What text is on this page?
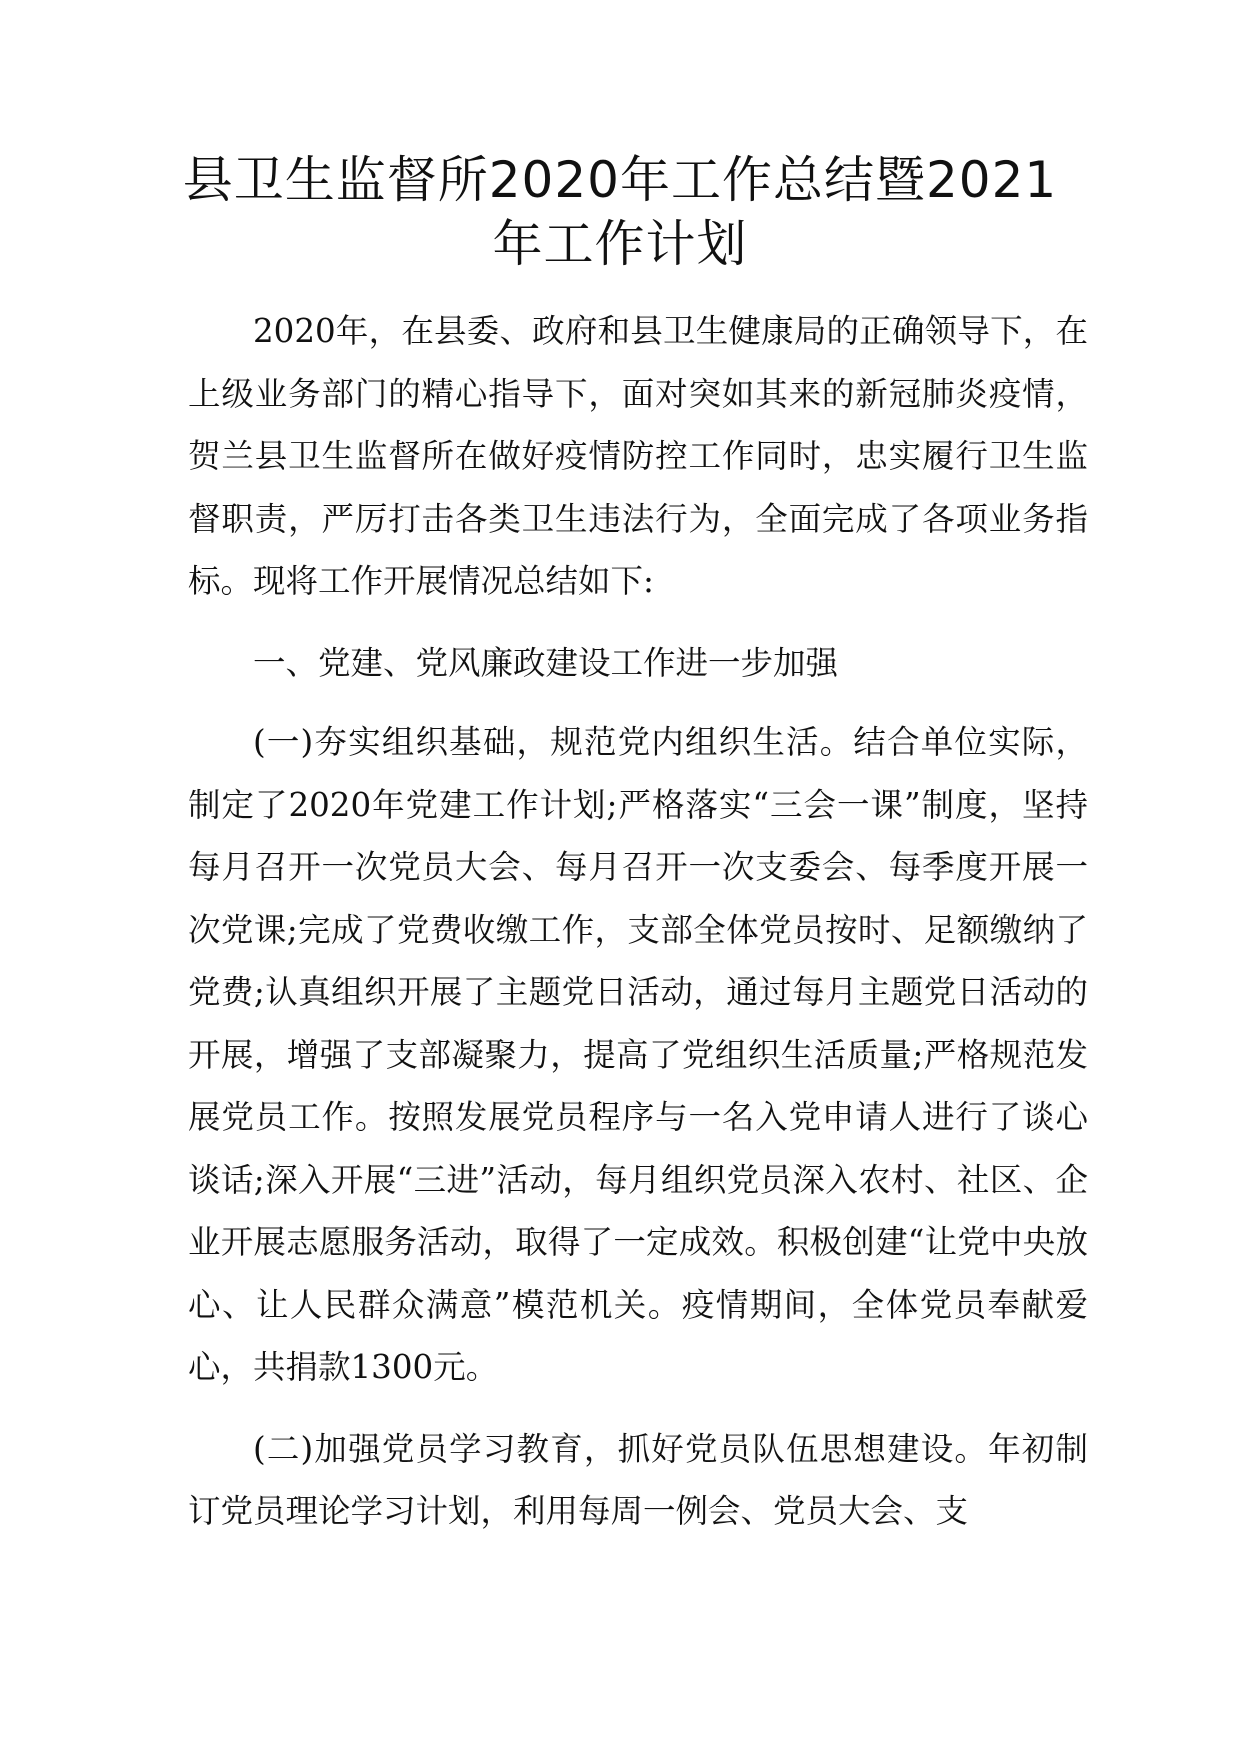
县卫生监督所2020年工作总结暨2021
年工作计划

2020年，在县委、政府和县卫生健康局的正确领导下，在上级业务部门的精心指导下，面对突如其来的新冠肺炎疫情，贺兰县卫生监督所在做好疫情防控工作同时，忠实履行卫生监督职责，严厉打击各类卫生违法行为，全面完成了各项业务指标。现将工作开展情况总结如下:

一、党建、党风廉政建设工作进一步加强

(一)夯实组织基础，规范党内组织生活。结合单位实际，制定了2020年党建工作计划;严格落实“三会一课”制度，坚持每月召开一次党员大会、每月召开一次支委会、每季度开展一次党课;完成了党费收缴工作，支部全体党员按时、足额缴纳了党费;认真组织开展了主题党日活动，通过每月主题党日活动的开展，增强了支部凝聚力，提高了党组织生活质量;严格规范发展党员工作。按照发展党员程序与一名入党申请人进行了谈心谈话;深入开展“三进”活动，每月组织党员深入农村、社区、企业开展志愿服务活动，取得了一定成效。积极创建“让党中央放心、让人民群众满意”模范机关。疫情期间，全体党员奉献爱心，共捐款1300元。

(二)加强党员学习教育，抓好党员队伍思想建设。年初制订党员理论学习计划，利用每周一例会、党员大会、支
